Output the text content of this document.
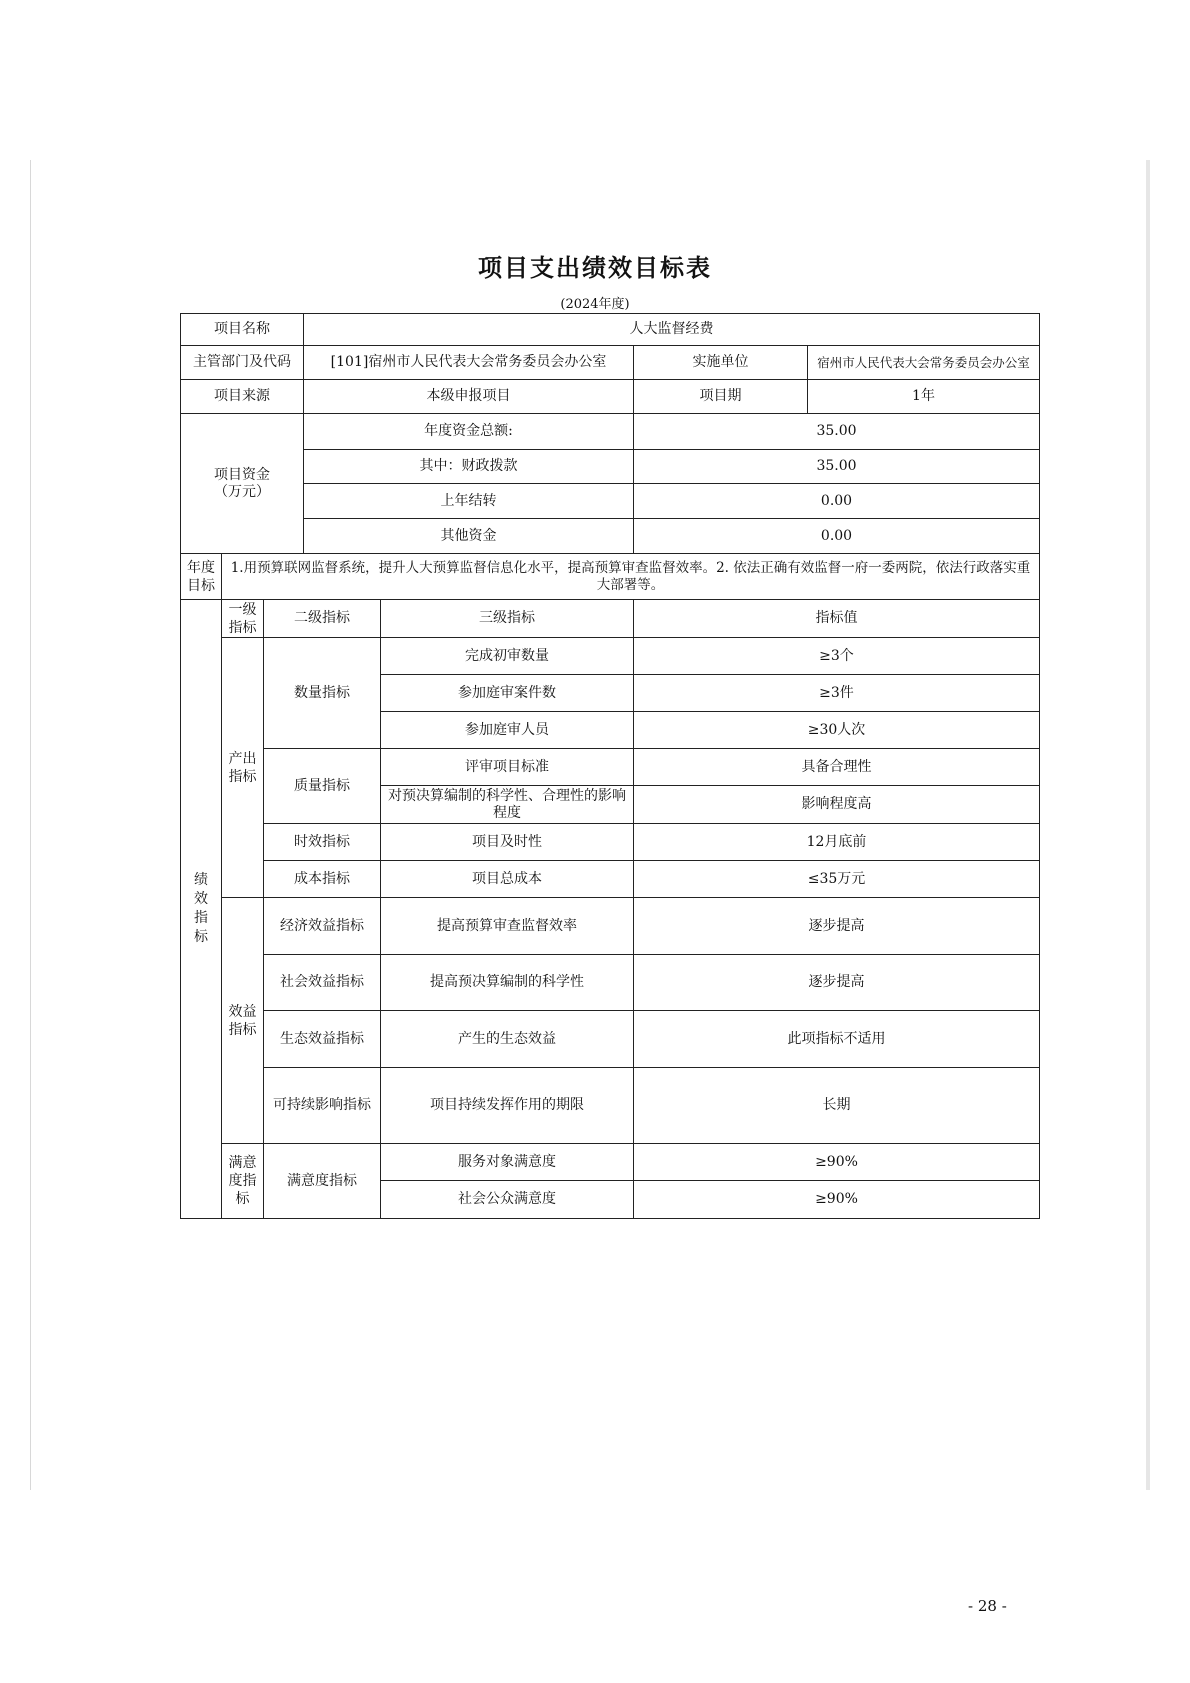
项目支出绩效目标表
(2024年度)
项目名称			人大监督经费			
主管部门及代码			[101]宿州市人民代表大会常务委员会办公室		实施单位	宿州市人民代表大会常务委员会办公室
项目来源			本级申报项目		项目期	1年
项目资金（万元）			年度资金总额:		35.00	
			其中：财政拨款		35.00	
			上年结转		0.00	
			其他资金		0.00	
年度目标	1.用预算联网监督系统，提升人大预算监督信息化水平，提高预算审查监督效率。2. 依法正确有效监督一府一委两院，依法行政落实重大部署等。					
绩效指标	一级指标	二级指标		三级指标	指标值	
	产出指标	数量指标		完成初审数量	≥3个	
				参加庭审案件数	≥3件	
				参加庭审人员	≥30人次	
		质量指标		评审项目标准	具备合理性	
				对预决算编制的科学性、合理性的影响程度	影响程度高	
		时效指标		项目及时性	12月底前	
		成本指标		项目总成本	≤35万元	
	效益指标	经济效益指标		提高预算审查监督效率	逐步提高	
		社会效益指标		提高预决算编制的科学性	逐步提高	
		生态效益指标		产生的生态效益	此项指标不适用	
		可持续影响指标		项目持续发挥作用的期限	长期	
	满意度指标	满意度指标		服务对象满意度	≥90%	
				社会公众满意度	≥90%	
- 28 -
